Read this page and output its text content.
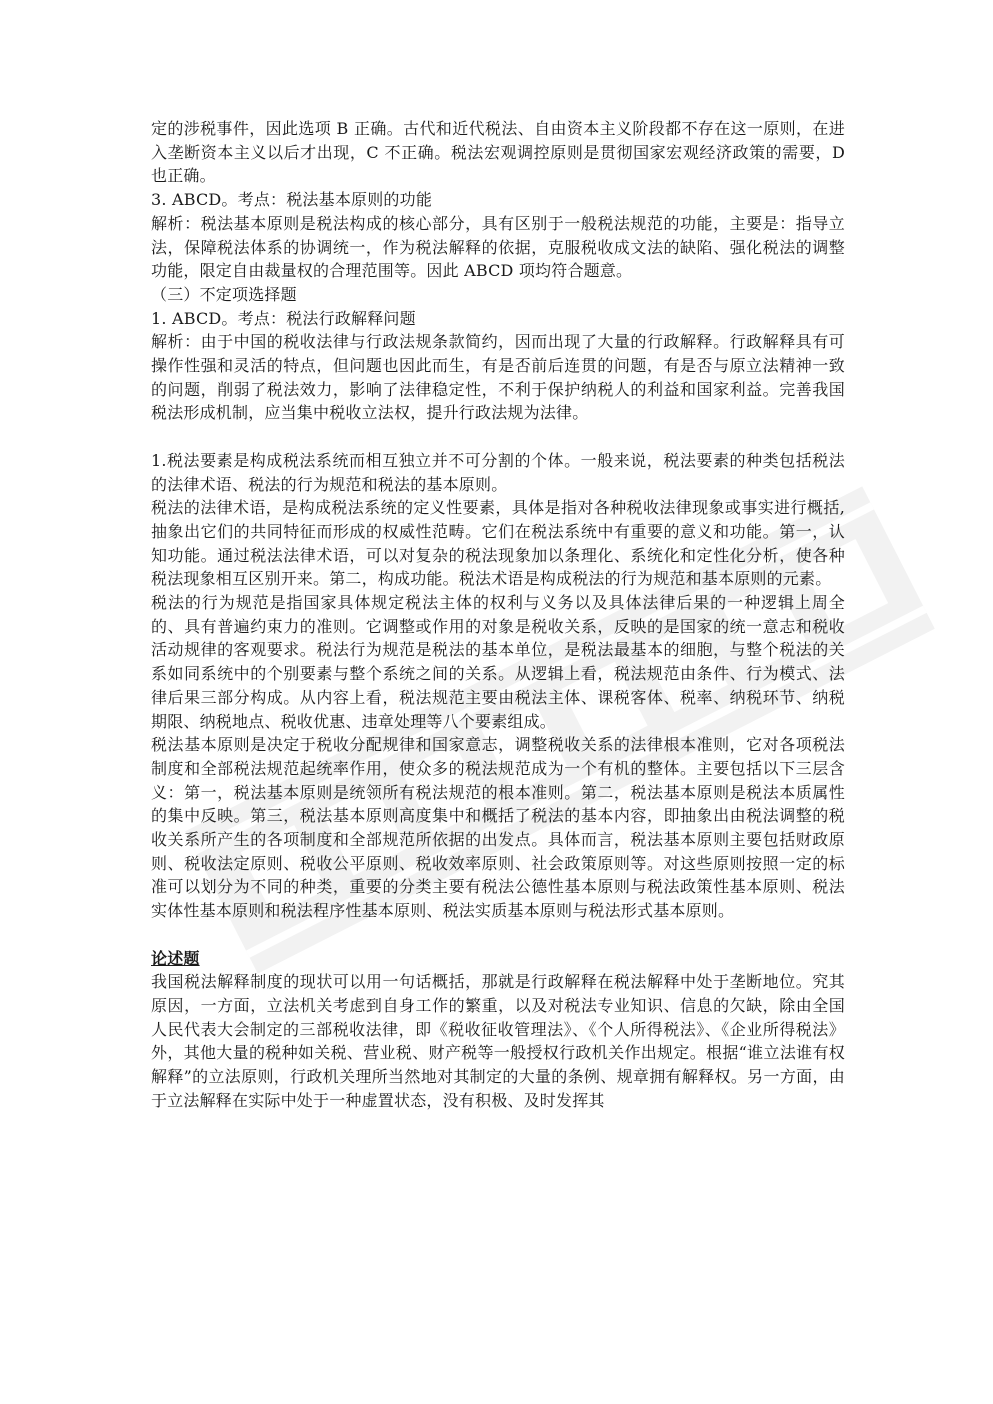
定的涉税事件，因此选项 B 正确。古代和近代税法、自由资本主义阶段都不存在这一原则，在进入垄断资本主义以后才出现，C 不正确。税法宏观调控原则是贯彻国家宏观经济政策的需要，D 也正确。

3. ABCD。考点：税法基本原则的功能

解析：税法基本原则是税法构成的核心部分，具有区别于一般税法规范的功能，主要是：指导立法，保障税法体系的协调统一，作为税法解释的依据，克服税收成文法的缺陷、强化税法的调整功能，限定自由裁量权的合理范围等。因此 ABCD 项均符合题意。

（三）不定项选择题

1. ABCD。考点：税法行政解释问题

解析：由于中国的税收法律与行政法规条款简约，因而出现了大量的行政解释。行政解释具有可操作性强和灵活的特点，但问题也因此而生，有是否前后连贯的问题，有是否与原立法精神一致的问题，削弱了税法效力，影响了法律稳定性，不利于保护纳税人的利益和国家利益。完善我国税法形成机制，应当集中税收立法权，提升行政法规为法律。

1.税法要素是构成税法系统而相互独立并不可分割的个体。一般来说，税法要素的种类包括税法的法律术语、税法的行为规范和税法的基本原则。

税法的法律术语，是构成税法系统的定义性要素，具体是指对各种税收法律现象或事实进行概括,抽象出它们的共同特征而形成的权威性范畴。它们在税法系统中有重要的意义和功能。第一，认知功能。通过税法法律术语，可以对复杂的税法现象加以条理化、系统化和定性化分析，使各种税法现象相互区别开来。第二，构成功能。税法术语是构成税法的行为规范和基本原则的元素。

税法的行为规范是指国家具体规定税法主体的权利与义务以及具体法律后果的一种逻辑上周全的、具有普遍约束力的准则。它调整或作用的对象是税收关系，反映的是国家的统一意志和税收活动规律的客观要求。税法行为规范是税法的基本单位，是税法最基本的细胞，与整个税法的关系如同系统中的个别要素与整个系统之间的关系。从逻辑上看，税法规范由条件、行为模式、法律后果三部分构成。从内容上看，税法规范主要由税法主体、课税客体、税率、纳税环节、纳税期限、纳税地点、税收优惠、违章处理等八个要素组成。

税法基本原则是决定于税收分配规律和国家意志，调整税收关系的法律根本准则，它对各项税法制度和全部税法规范起统率作用，使众多的税法规范成为一个有机的整体。主要包括以下三层含义：第一，税法基本原则是统领所有税法规范的根本准则。第二，税法基本原则是税法本质属性的集中反映。第三，税法基本原则高度集中和概括了税法的基本内容，即抽象出由税法调整的税收关系所产生的各项制度和全部规范所依据的出发点。具体而言，税法基本原则主要包括财政原则、税收法定原则、税收公平原则、税收效率原则、社会政策原则等。对这些原则按照一定的标准可以划分为不同的种类，重要的分类主要有税法公德性基本原则与税法政策性基本原则、税法实体性基本原则和税法程序性基本原则、税法实质基本原则与税法形式基本原则。

论述题

我国税法解释制度的现状可以用一句话概括，那就是行政解释在税法解释中处于垄断地位。究其原因，一方面，立法机关考虑到自身工作的繁重，以及对税法专业知识、信息的欠缺，除由全国人民代表大会制定的三部税收法律，即《税收征收管理法》、《个人所得税法》、《企业所得税法》外，其他大量的税种如关税、营业税、财产税等一般授权行政机关作出规定。根据“谁立法谁有权解释”的立法原则，行政机关理所当然地对其制定的大量的条例、规章拥有解释权。另一方面，由于立法解释在实际中处于一种虚置状态，没有积极、及时发挥其
